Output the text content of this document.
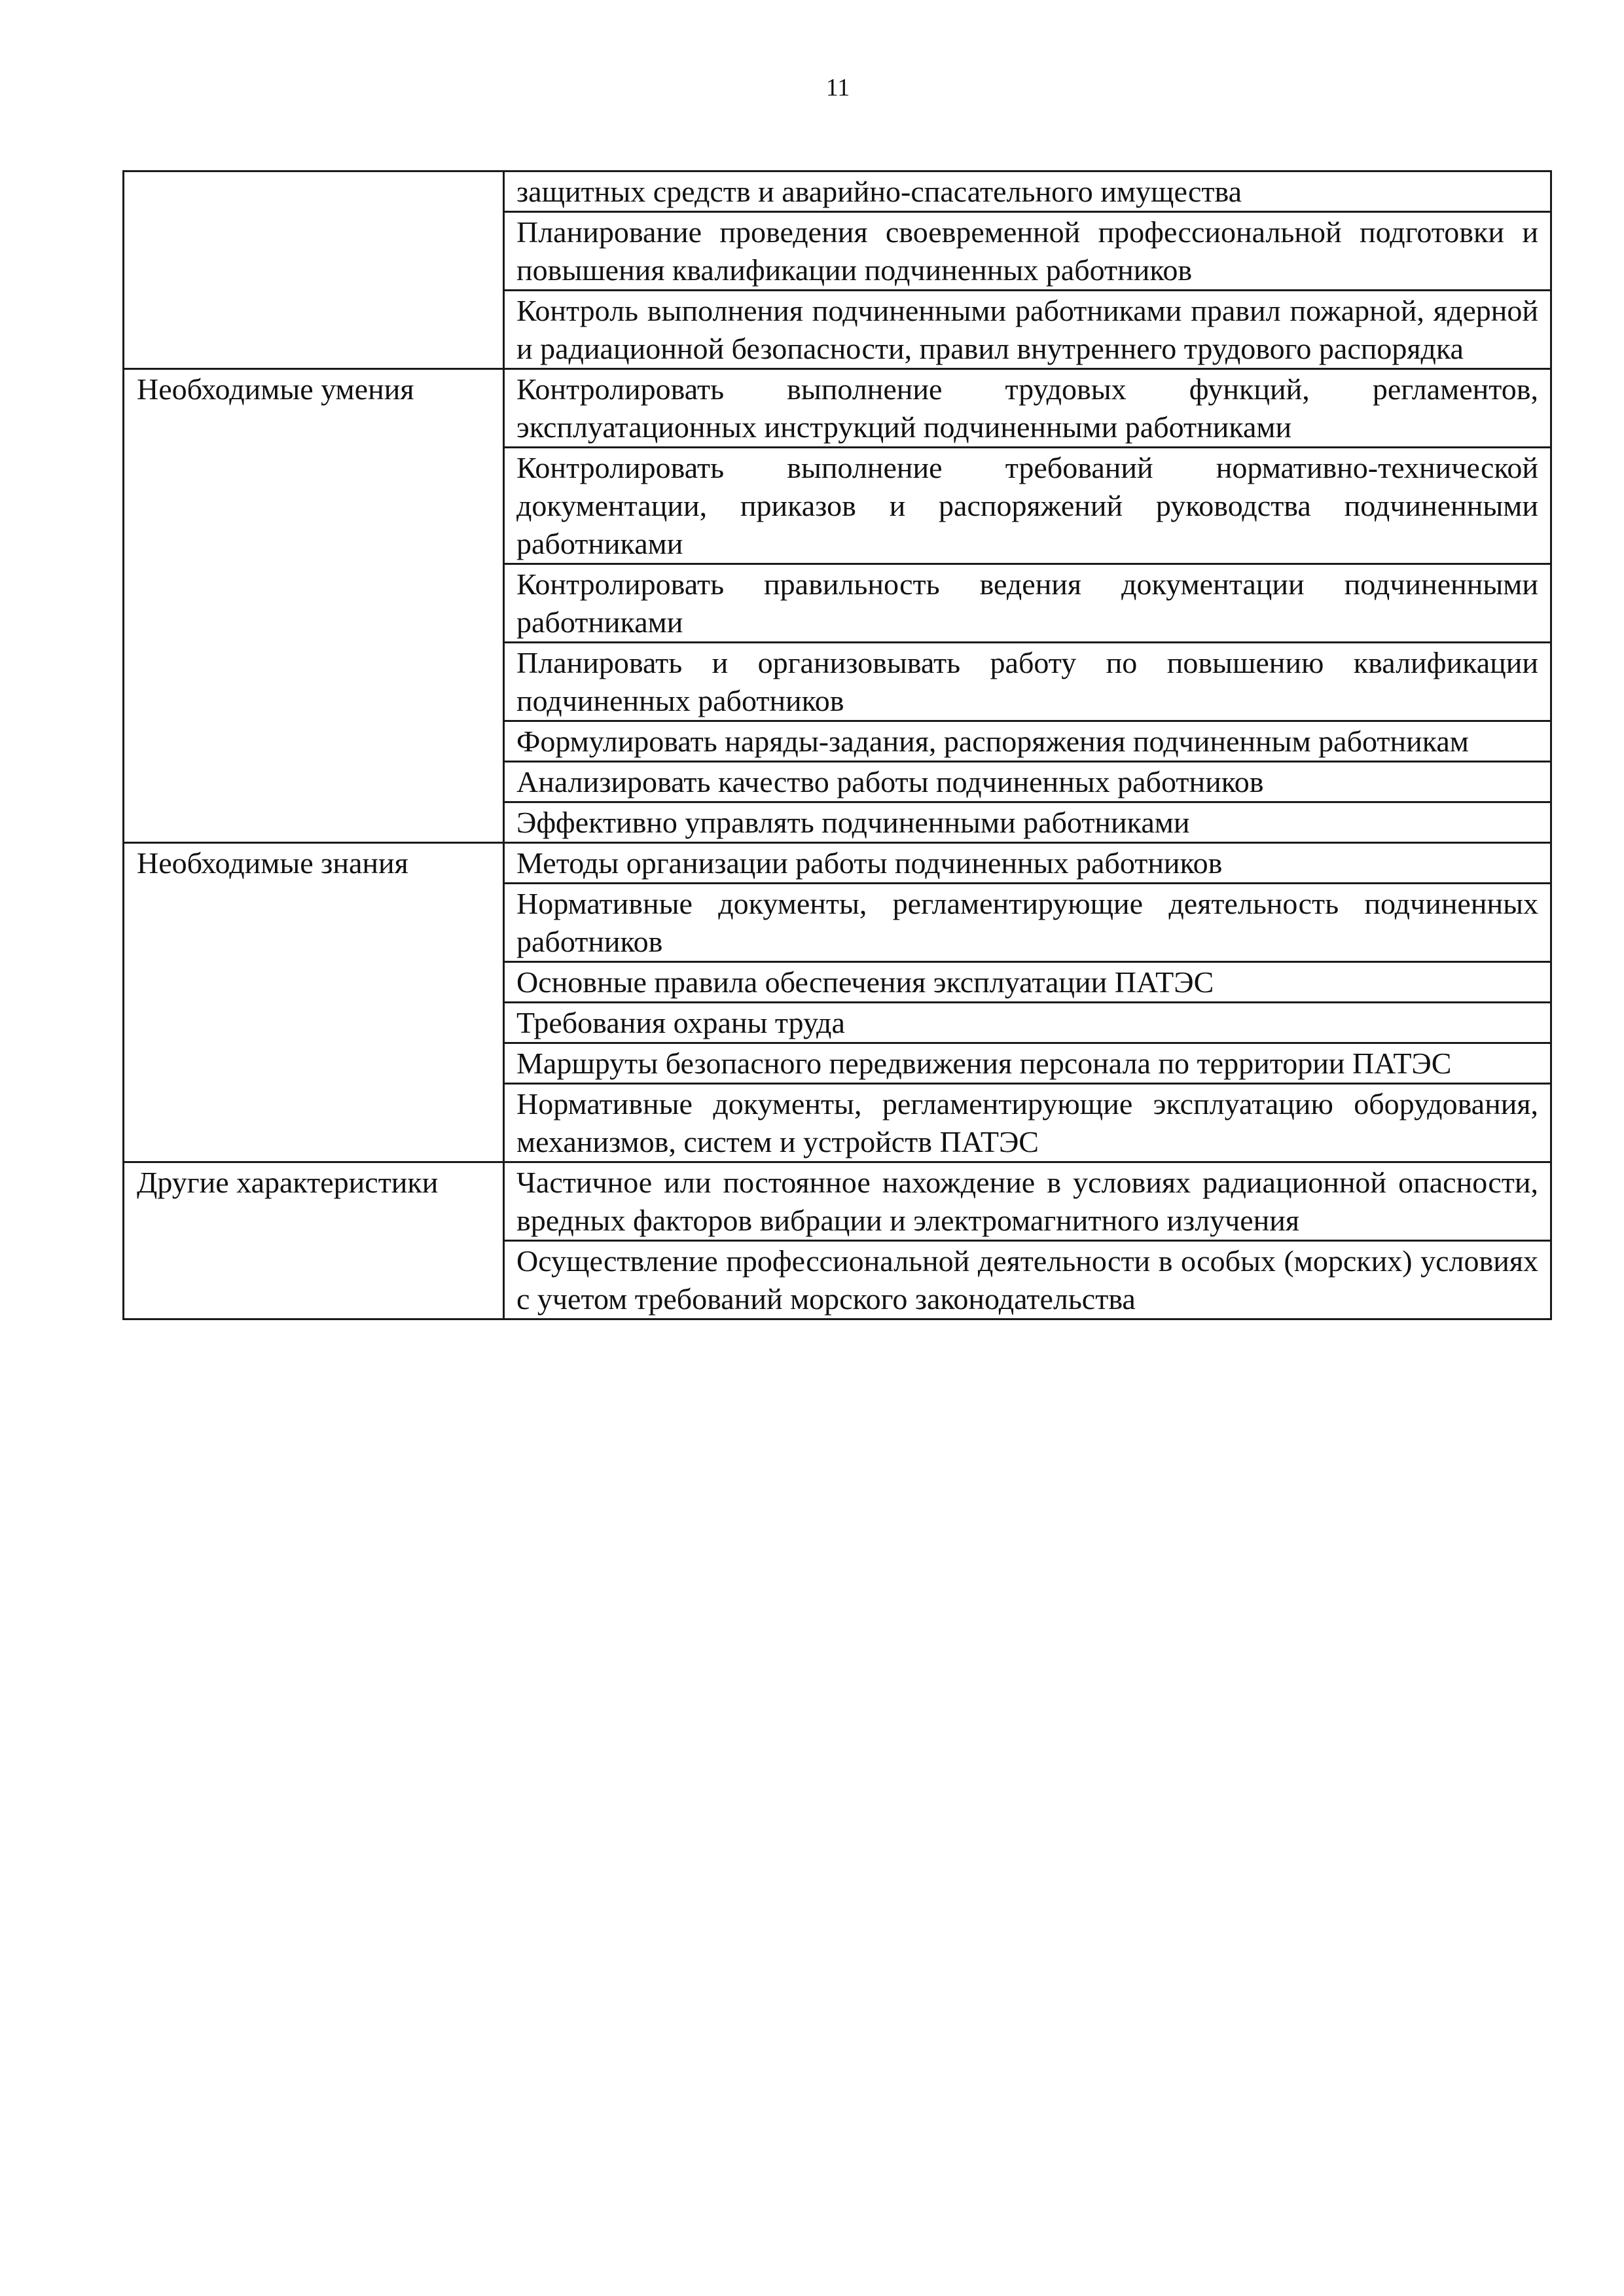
11
	защитных средств и аварийно-спасательного имущества
	Планирование проведения своевременной профессиональной подготовки и повышения квалификации подчиненных работников
	Контроль выполнения подчиненными работниками правил пожарной, ядерной и радиационной безопасности, правил внутреннего трудового распорядка
Необходимые умения	Контролировать выполнение трудовых функций, регламентов, эксплуатационных инструкций подчиненными работниками
	Контролировать выполнение требований нормативно-технической документации, приказов и распоряжений руководства подчиненными работниками
	Контролировать правильность ведения документации подчиненными работниками
	Планировать и организовывать работу по повышению квалификации подчиненных работников
	Формулировать наряды-задания, распоряжения подчиненным работникам
	Анализировать качество работы подчиненных работников
	Эффективно управлять подчиненными работниками
Необходимые знания	Методы организации работы подчиненных работников
	Нормативные документы, регламентирующие деятельность подчиненных работников
	Основные правила обеспечения эксплуатации ПАТЭС
	Требования охраны труда
	Маршруты безопасного передвижения персонала по территории ПАТЭС
	Нормативные документы, регламентирующие эксплуатацию оборудования, механизмов, систем и устройств ПАТЭС
Другие характеристики	Частичное или постоянное нахождение в условиях радиационной опасности, вредных факторов вибрации и электромагнитного излучения
	Осуществление профессиональной деятельности в особых (морских) условиях с учетом требований морского законодательства
